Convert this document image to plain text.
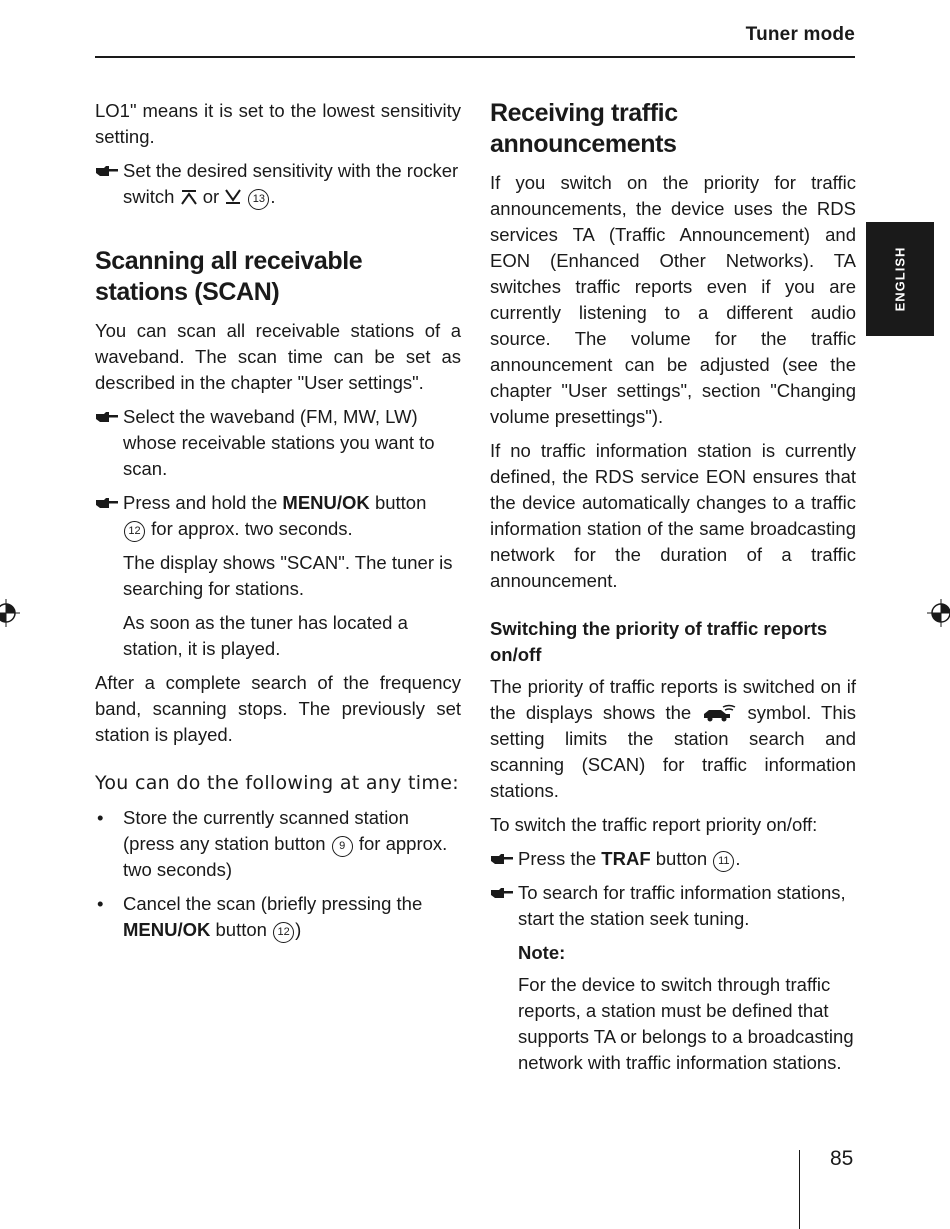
Tuner mode
ENGLISH

LO1" means it is set to the lowest sensitivity setting.

Set the desired sensitivity with the rocker switch or	13 .
Scanning all receivable stations (SCAN)

You can scan all receivable stations of a waveband. The scan time can be set as described in the chapter "User settings".

Select the waveband (FM, MW, LW) whose receivable stations you want to scan.
Press and hold the MENU/OK button
12 for approx. two seconds.

The display shows "SCAN". The tuner is searching for stations.

As soon as the tuner has located a station, it is played.

After a complete search of the frequency band, scanning stops. The previously set station is played.

You can do the following at any time:

• Store the currently scanned station (press any station button 9 for approx. two seconds)
• Cancel the scan (briefly pressing the MENU/OK button 12 )
Receiving traffic announcements

If you switch on the priority for traffic announcements, the device uses the RDS services TA (Traffic Announcement) and EON (Enhanced Other Networks). TA switches traffic reports even if you are currently listening to a different audio source. The volume for the traffic announcement can be adjusted (see the chapter "User settings", section "Changing volume presettings").

If no traffic information station is currently defined, the RDS service EON ensures that the device automatically changes to a traffic information station of the same broadcasting network for the duration of a traffic announcement.

Switching the priority of traffic reports on/off

The priority of traffic reports is switched on if the displays shows the	symbol. This setting limits the station search and scanning (SCAN) for traffic information stations.

To switch the traffic report priority on/off:

Press the TRAF button 11 .
To search for traffic information stations, start the station seek tuning.
Note:
For the device to switch through traffic reports, a station must be defined that supports TA or belongs to a broadcasting network with traffic information stations.
85
